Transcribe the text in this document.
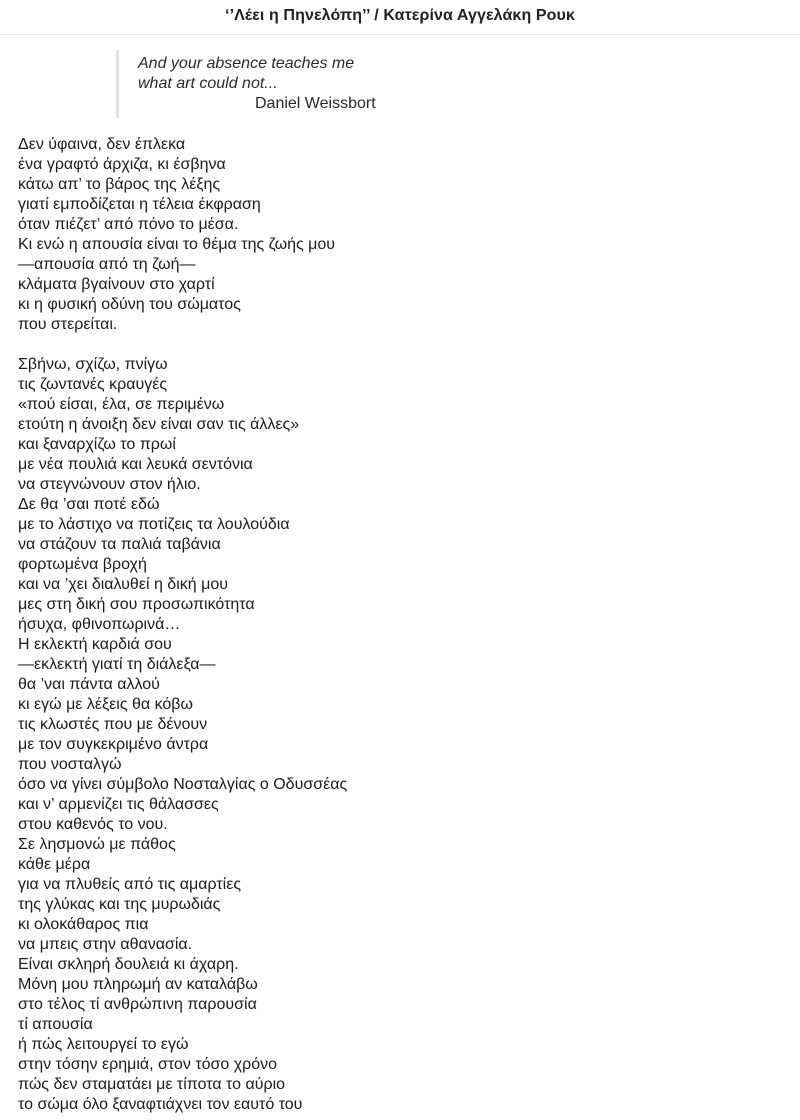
‘’Λέει η Πηνελόπη’’ / Κατερίνα Αγγελάκη Ρουκ
And your absence teaches me
what art could not...
Daniel Weissbort
Δεν ύφαινα, δεν έπλεκα
ένα γραφτό άρχιζα, κι έσβηνα
κάτω απ’ το βάρος της λέξης
γιατί εμποδίζεται η τέλεια έκφραση
όταν πιέζετ’ από πόνο το μέσα.
Κι ενώ η απουσία είναι το θέμα της ζωής μου
—απουσία από τη ζωή—
κλάματα βγαίνουν στο χαρτί
κι η φυσική οδύνη του σώματος
που στερείται.
Σβήνω, σχίζω, πνίγω
τις ζωντανές κραυγές
«πού είσαι, έλα, σε περιμένω
ετούτη η άνοιξη δεν είναι σαν τις άλλες»
και ξαναρχίζω το πρωί
με νέα πουλιά και λευκά σεντόνια
να στεγνώνουν στον ήλιο.
Δε θα ’σαι ποτέ εδώ
με το λάστιχο να ποτίζεις τα λουλούδια
να στάζουν τα παλιά ταβάνια
φορτωμένα βροχή
και να ’χει διαλυθεί η δική μου
μες στη δική σου προσωπικότητα
ήσυχα, φθινοπωρινά…
Η εκλεκτή καρδιά σου
—εκλεκτή γιατί τη διάλεξα—
θα ’ναι πάντα αλλού
κι εγώ με λέξεις θα κόβω
τις κλωστές που με δένουν
με τον συγκεκριμένο άντρα
που νοσταλγώ
όσο να γίνει σύμβολο Νοσταλγίας ο Οδυσσέας
και ν’ αρμενίζει τις θάλασσες
στου καθενός το νου.
Σε λησμονώ με πάθος
κάθε μέρα
για να πλυθείς από τις αμαρτίες
της γλύκας και της μυρωδιάς
κι ολοκάθαρος πια
να μπεις στην αθανασία.
Είναι σκληρή δουλειά κι άχαρη.
Μόνη μου πληρωμή αν καταλάβω
στο τέλος τί ανθρώπινη παρουσία
τί απουσία
ή πώς λειτουργεί το εγώ
στην τόσην ερημιά, στον τόσο χρόνο
πώς δεν σταματάει με τίποτα το αύριο
το σώμα όλο ξαναφτιάχνει τον εαυτό του
